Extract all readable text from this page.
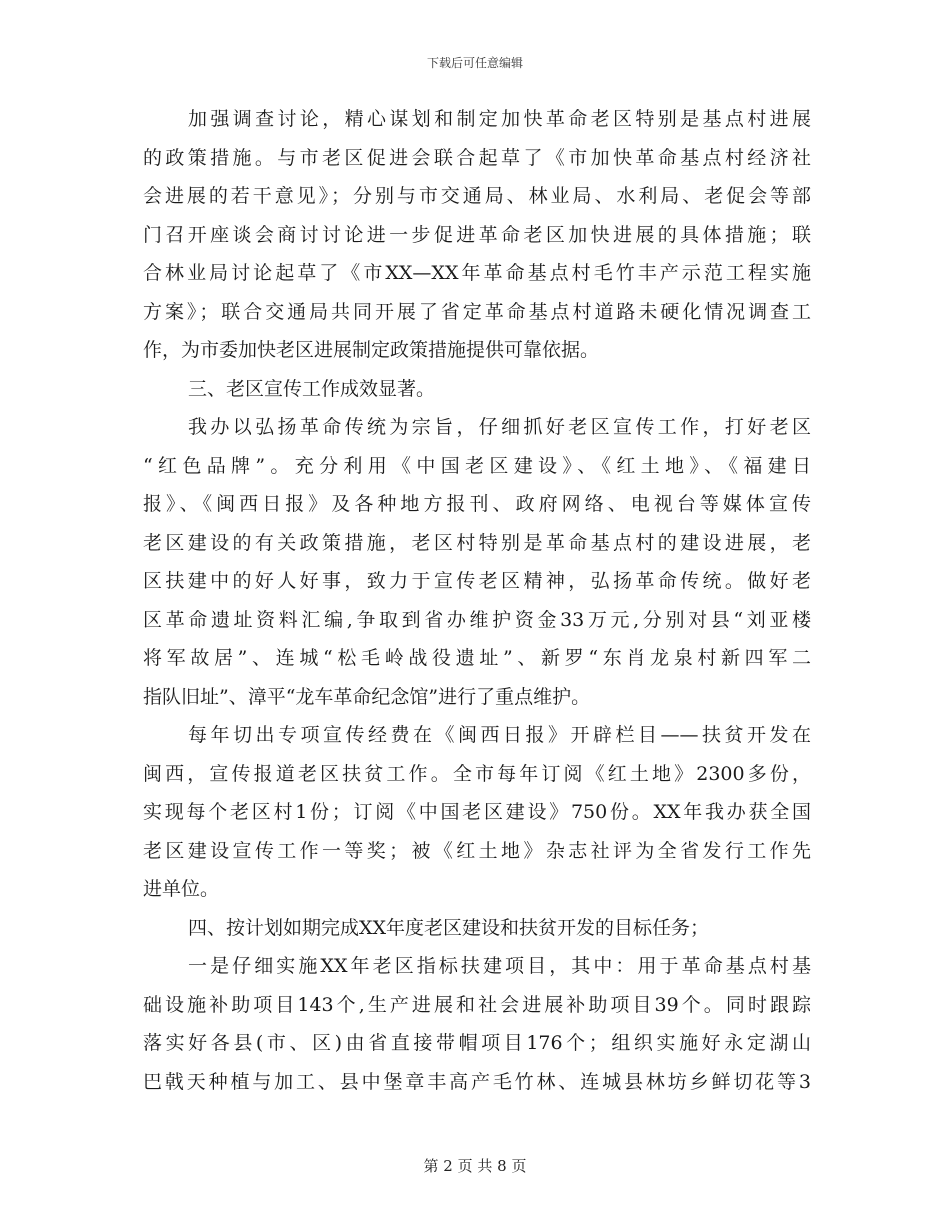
下载后可任意编辑
加强调查讨论，精心谋划和制定加快革命老区特别是基点村进展
的政策措施。与市老区促进会联合起草了《市加快革命基点村经济社
会进展的若干意见》；分别与市交通局、林业局、水利局、老促会等部
门召开座谈会商讨讨论进一步促进革命老区加快进展的具体措施；联
合林业局讨论起草了《市XX—XX年革命基点村毛竹丰产示范工程实施
方案》；联合交通局共同开展了省定革命基点村道路未硬化情况调查工
作，为市委加快老区进展制定政策措施提供可靠依据。
三、老区宣传工作成效显著。
我办以弘扬革命传统为宗旨，仔细抓好老区宣传工作，打好老区
“红色品牌”。充分利用《中国老区建设》、《红土地》、《福建日
报》、《闽西日报》及各种地方报刊、政府网络、电视台等媒体宣传
老区建设的有关政策措施，老区村特别是革命基点村的建设进展，老
区扶建中的好人好事，致力于宣传老区精神，弘扬革命传统。做好老
区革命遗址资料汇编,争取到省办维护资金33万元,分别对县“刘亚楼
将军故居”、连城“松毛岭战役遗址”、新罗“东肖龙泉村新四军二
指队旧址”、漳平“龙车革命纪念馆”进行了重点维护。
每年切出专项宣传经费在《闽西日报》开辟栏目——扶贫开发在
闽西，宣传报道老区扶贫工作。全市每年订阅《红土地》2300多份，
实现每个老区村1份；订阅《中国老区建设》750份。XX年我办获全国
老区建设宣传工作一等奖；被《红土地》杂志社评为全省发行工作先
进单位。
四、按计划如期完成XX年度老区建设和扶贫开发的目标任务；
一是仔细实施XX年老区指标扶建项目，其中：用于革命基点村基
础设施补助项目143个,生产进展和社会进展补助项目39个。同时跟踪
落实好各县(市、区)由省直接带帽项目176个；组织实施好永定湖山
巴戟天种植与加工、县中堡章丰高产毛竹林、连城县林坊乡鲜切花等3
第 2 页 共 8 页
